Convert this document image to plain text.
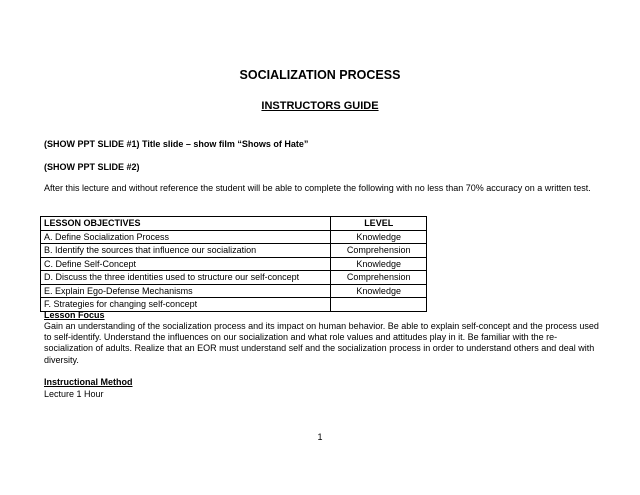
SOCIALIZATION PROCESS
INSTRUCTORS GUIDE
(SHOW PPT SLIDE #1) Title slide – show film “Shows of Hate”
(SHOW PPT SLIDE #2)
After this lecture and without reference the student will be able to complete the following with no less than 70% accuracy on a written test.
LESSON OBJECTIVES	LEVEL
A. Define Socialization Process	Knowledge
B. Identify the sources that influence our socialization	Comprehension
C. Define Self-Concept	Knowledge
D. Discuss the three identities used to structure our self-concept	Comprehension
E. Explain Ego-Defense Mechanisms	Knowledge
F. Strategies for changing self-concept	
Lesson Focus
Gain an understanding of the socialization process and its impact on human behavior. Be able to explain self-concept and the process used to self-identify. Understand the influences on our socialization and what role values and attitudes play in it. Be familiar with the re-socialization of adults. Realize that an EOR must understand self and the socialization process in order to understand others and deal with diversity.
Instructional Method
Lecture 1 Hour
1
